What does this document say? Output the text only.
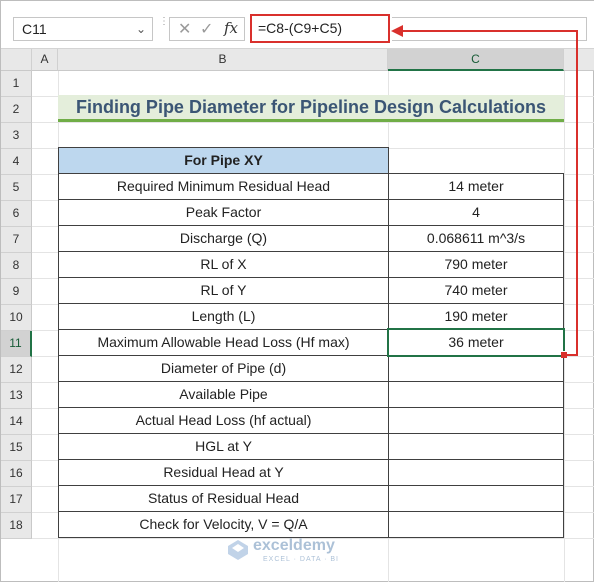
C11	⌄
⋮ ✕ ✓ fx	=C8-(C9+C5)
A	B	C
1
2
3
4
5
6
7
8
9
10
11
12
13
14
15
16
17
18
Finding Pipe Diameter for Pipeline Design Calculations
For Pipe XY
Required Minimum Residual Head	14 meter
Peak Factor	4
Discharge (Q)	0.068611 m^3/s
RL of X	790 meter
RL of Y	740 meter
Length (L)	190 meter
Maximum Allowable Head Loss (Hf max)	36 meter
Diameter of Pipe (d)
Available Pipe
Actual Head Loss (hf actual)
HGL at Y
Residual Head at Y
Status of Residual Head
Check for Velocity, V = Q/A
exceldemy
EXCEL · DATA · BI
